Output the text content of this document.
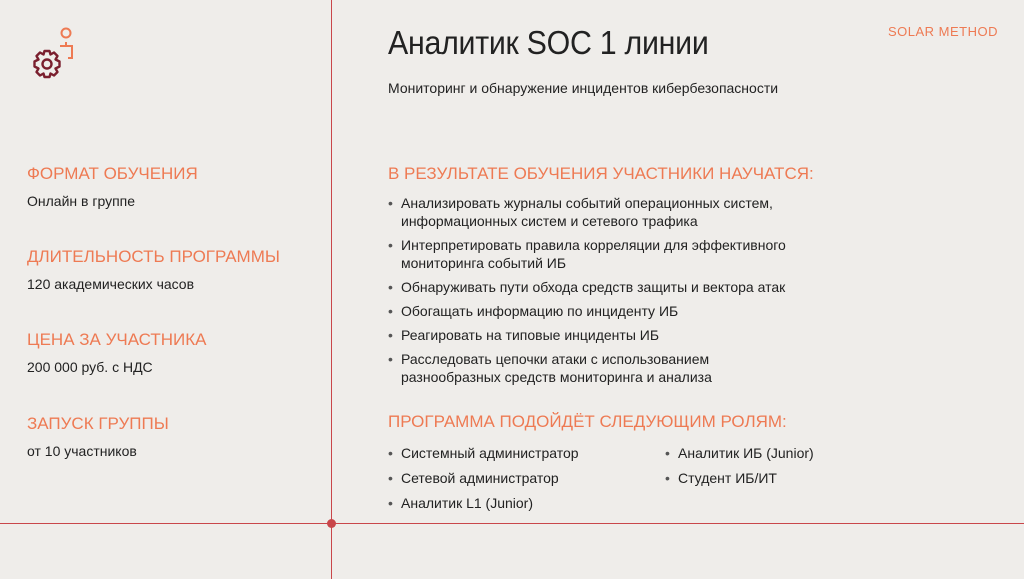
SOLAR METHOD
Аналитик SOC 1 линии
Мониторинг и обнаружение инцидентов кибербезопасности
ФОРМАТ ОБУЧЕНИЯ
Онлайн в группе
ДЛИТЕЛЬНОСТЬ ПРОГРАММЫ
120 академических часов
ЦЕНА ЗА УЧАСТНИКА
200 000 руб. с НДС
ЗАПУСК ГРУППЫ
от 10 участников
В РЕЗУЛЬТАТЕ ОБУЧЕНИЯ УЧАСТНИКИ НАУЧАТСЯ:
• Анализировать журналы событий операционных систем,
информационных систем и сетевого трафика
• Интерпретировать правила корреляции для эффективного
мониторинга событий ИБ
• Обнаруживать пути обхода средств защиты и вектора атак
• Обогащать информацию по инциденту ИБ
• Реагировать на типовые инциденты ИБ
• Расследовать цепочки атаки с использованием
разнообразных средств мониторинга и анализа
ПРОГРАММА ПОДОЙДЁТ СЛЕДУЮЩИМ РОЛЯМ:
• Системный администратор
• Сетевой администратор
• Аналитик L1 (Junior)
• Аналитик ИБ (Junior)
• Студент ИБ/ИТ
